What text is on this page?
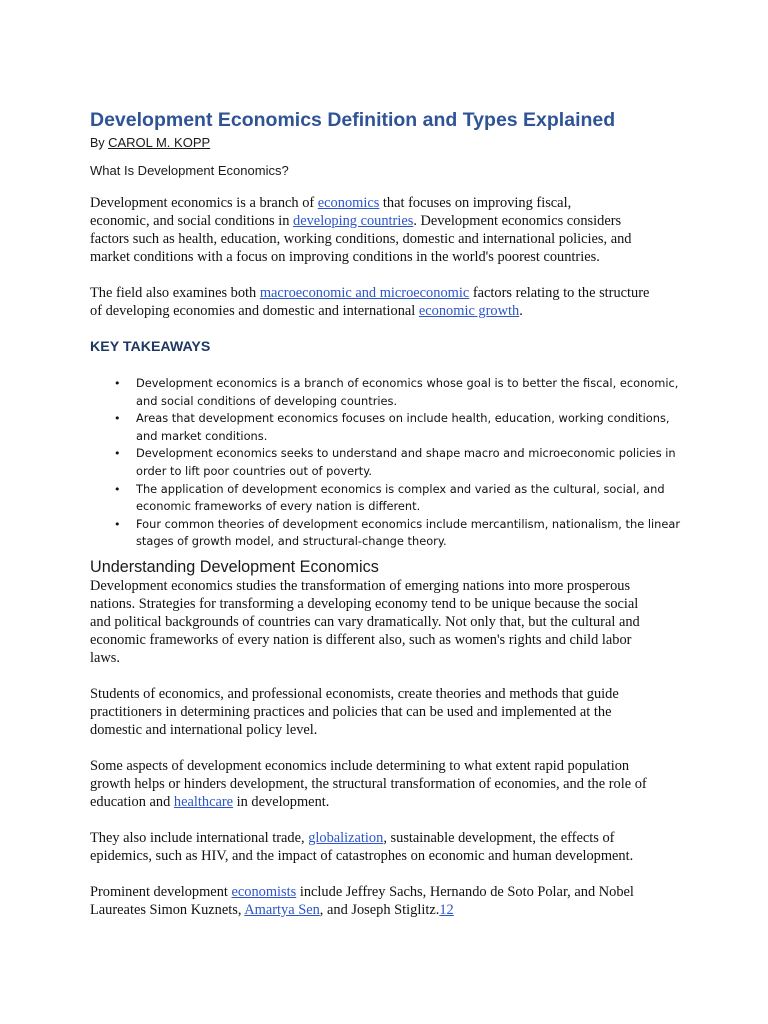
Development Economics Definition and Types Explained

By CAROL M. KOPP

What Is Development Economics?

Development economics is a branch of economics that focuses on improving fiscal,
economic, and social conditions in developing countries. Development economics considers
factors such as health, education, working conditions, domestic and international policies, and
market conditions with a focus on improving conditions in the world's poorest countries.

The field also examines both macroeconomic and microeconomic factors relating to the structure
of developing economies and domestic and international economic growth.

KEY TAKEAWAYS
• Development economics is a branch of economics whose goal is to better the fiscal, economic,
and social conditions of developing countries.
• Areas that development economics focuses on include health, education, working conditions,
and market conditions.
• Development economics seeks to understand and shape macro and microeconomic policies in
order to lift poor countries out of poverty.
• The application of development economics is complex and varied as the cultural, social, and
economic frameworks of every nation is different.
• Four common theories of development economics include mercantilism, nationalism, the linear
stages of growth model, and structural-change theory.
Understanding Development Economics

Development economics studies the transformation of emerging nations into more prosperous
nations. Strategies for transforming a developing economy tend to be unique because the social
and political backgrounds of countries can vary dramatically. Not only that, but the cultural and
economic frameworks of every nation is different also, such as women's rights and child labor
laws.

Students of economics, and professional economists, create theories and methods that guide
practitioners in determining practices and policies that can be used and implemented at the
domestic and international policy level.

Some aspects of development economics include determining to what extent rapid population
growth helps or hinders development, the structural transformation of economies, and the role of
education and healthcare in development.

They also include international trade, globalization, sustainable development, the effects of
epidemics, such as HIV, and the impact of catastrophes on economic and human development.

Prominent development economists include Jeffrey Sachs, Hernando de Soto Polar, and Nobel
Laureates Simon Kuznets, Amartya Sen, and Joseph Stiglitz.12
